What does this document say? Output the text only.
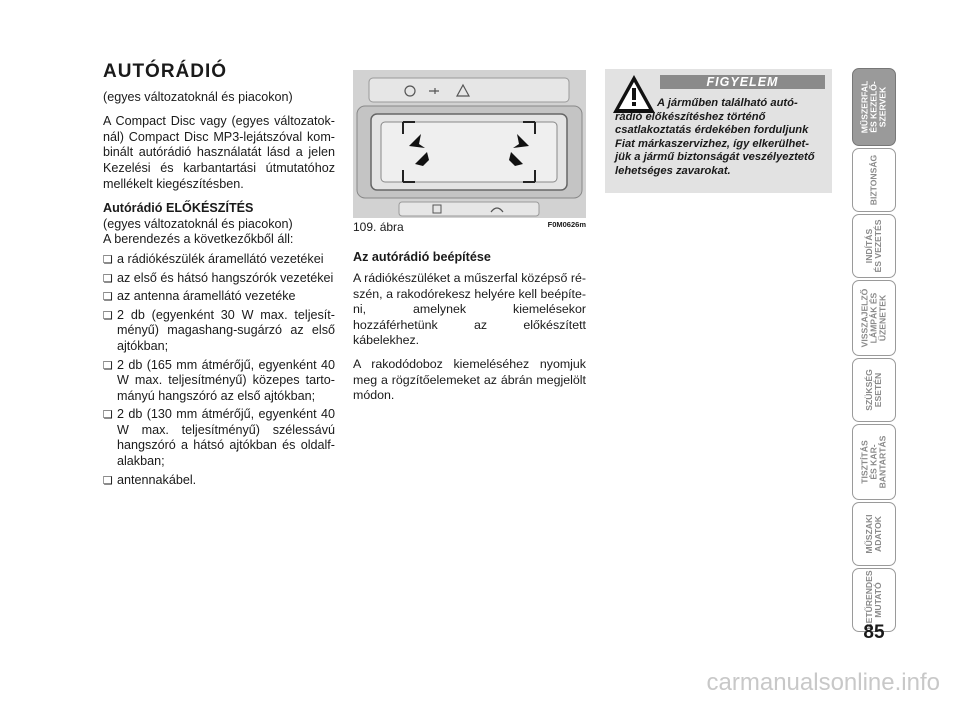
AUTÓRÁDIÓ

(egyes változatoknál és piacokon)

A Compact Disc vagy (egyes változatok-nál) Compact Disc MP3-lejátszóval kom-binált autórádió használatát lásd a jelen Kezelési és karbantartási útmutatóhoz mellékelt kiegészítésben.

Autórádió ELŐKÉSZÍTÉS

(egyes változatoknál és piacokon)

A berendezés a következőkből áll:

❏ a rádiókészülék áramellátó vezetékei
❏ az első és hátsó hangszórók vezetékei
❏ az antenna áramellátó vezetéke
❏ 2 db (egyenként 30 W max. teljesít-ményű) magashang-sugárzó az első ajtókban;
❏ 2 db (165 mm átmérőjű, egyenként 40 W max. teljesítményű) közepes tarto-mányú hangszóró az első ajtókban;
❏ 2 db (130 mm átmérőjű, egyenként 40 W max. teljesítményű) szélessávú hangszóró a hátsó ajtókban és oldalf-alakban;
❏ antennakábel.
109. ábra	F0M0626m

Az autórádió beépítése

A rádiókészüléket a műszerfal középső ré-szén, a rakodórekesz helyére kell beépíte-ni, amelynek kiemelésekor hozzáférhetünk az előkészített kábelekhez.

A rakodódoboz kiemeléséhez nyomjuk meg a rögzítőelemeket az ábrán megjelölt módon.

FIGYELEM
A járműben található autó-rádió előkészítéshez történő csatlakoztatás érdekében forduljunk Fiat márkaszervizhez, így elkerülhet-jük a jármű biztonságát veszélyeztető lehetséges zavarokat.
MŰSZERFAL
ÉS KEZELŐ-
SZERVEK
BIZTONSÁG
INDÍTÁS
ÉS VEZETÉS
VISSZAJELZŐ
LÁMPÁK ÉS
ÜZENETEK
SZÜKSÉG
ESETÉN
TISZTÍTÁS
ÉS KAR-
BANTARTÁS
MŰSZAKI
ADATOK
BETŰRENDES
MUTATÓ
85
carmanualsonline.info
